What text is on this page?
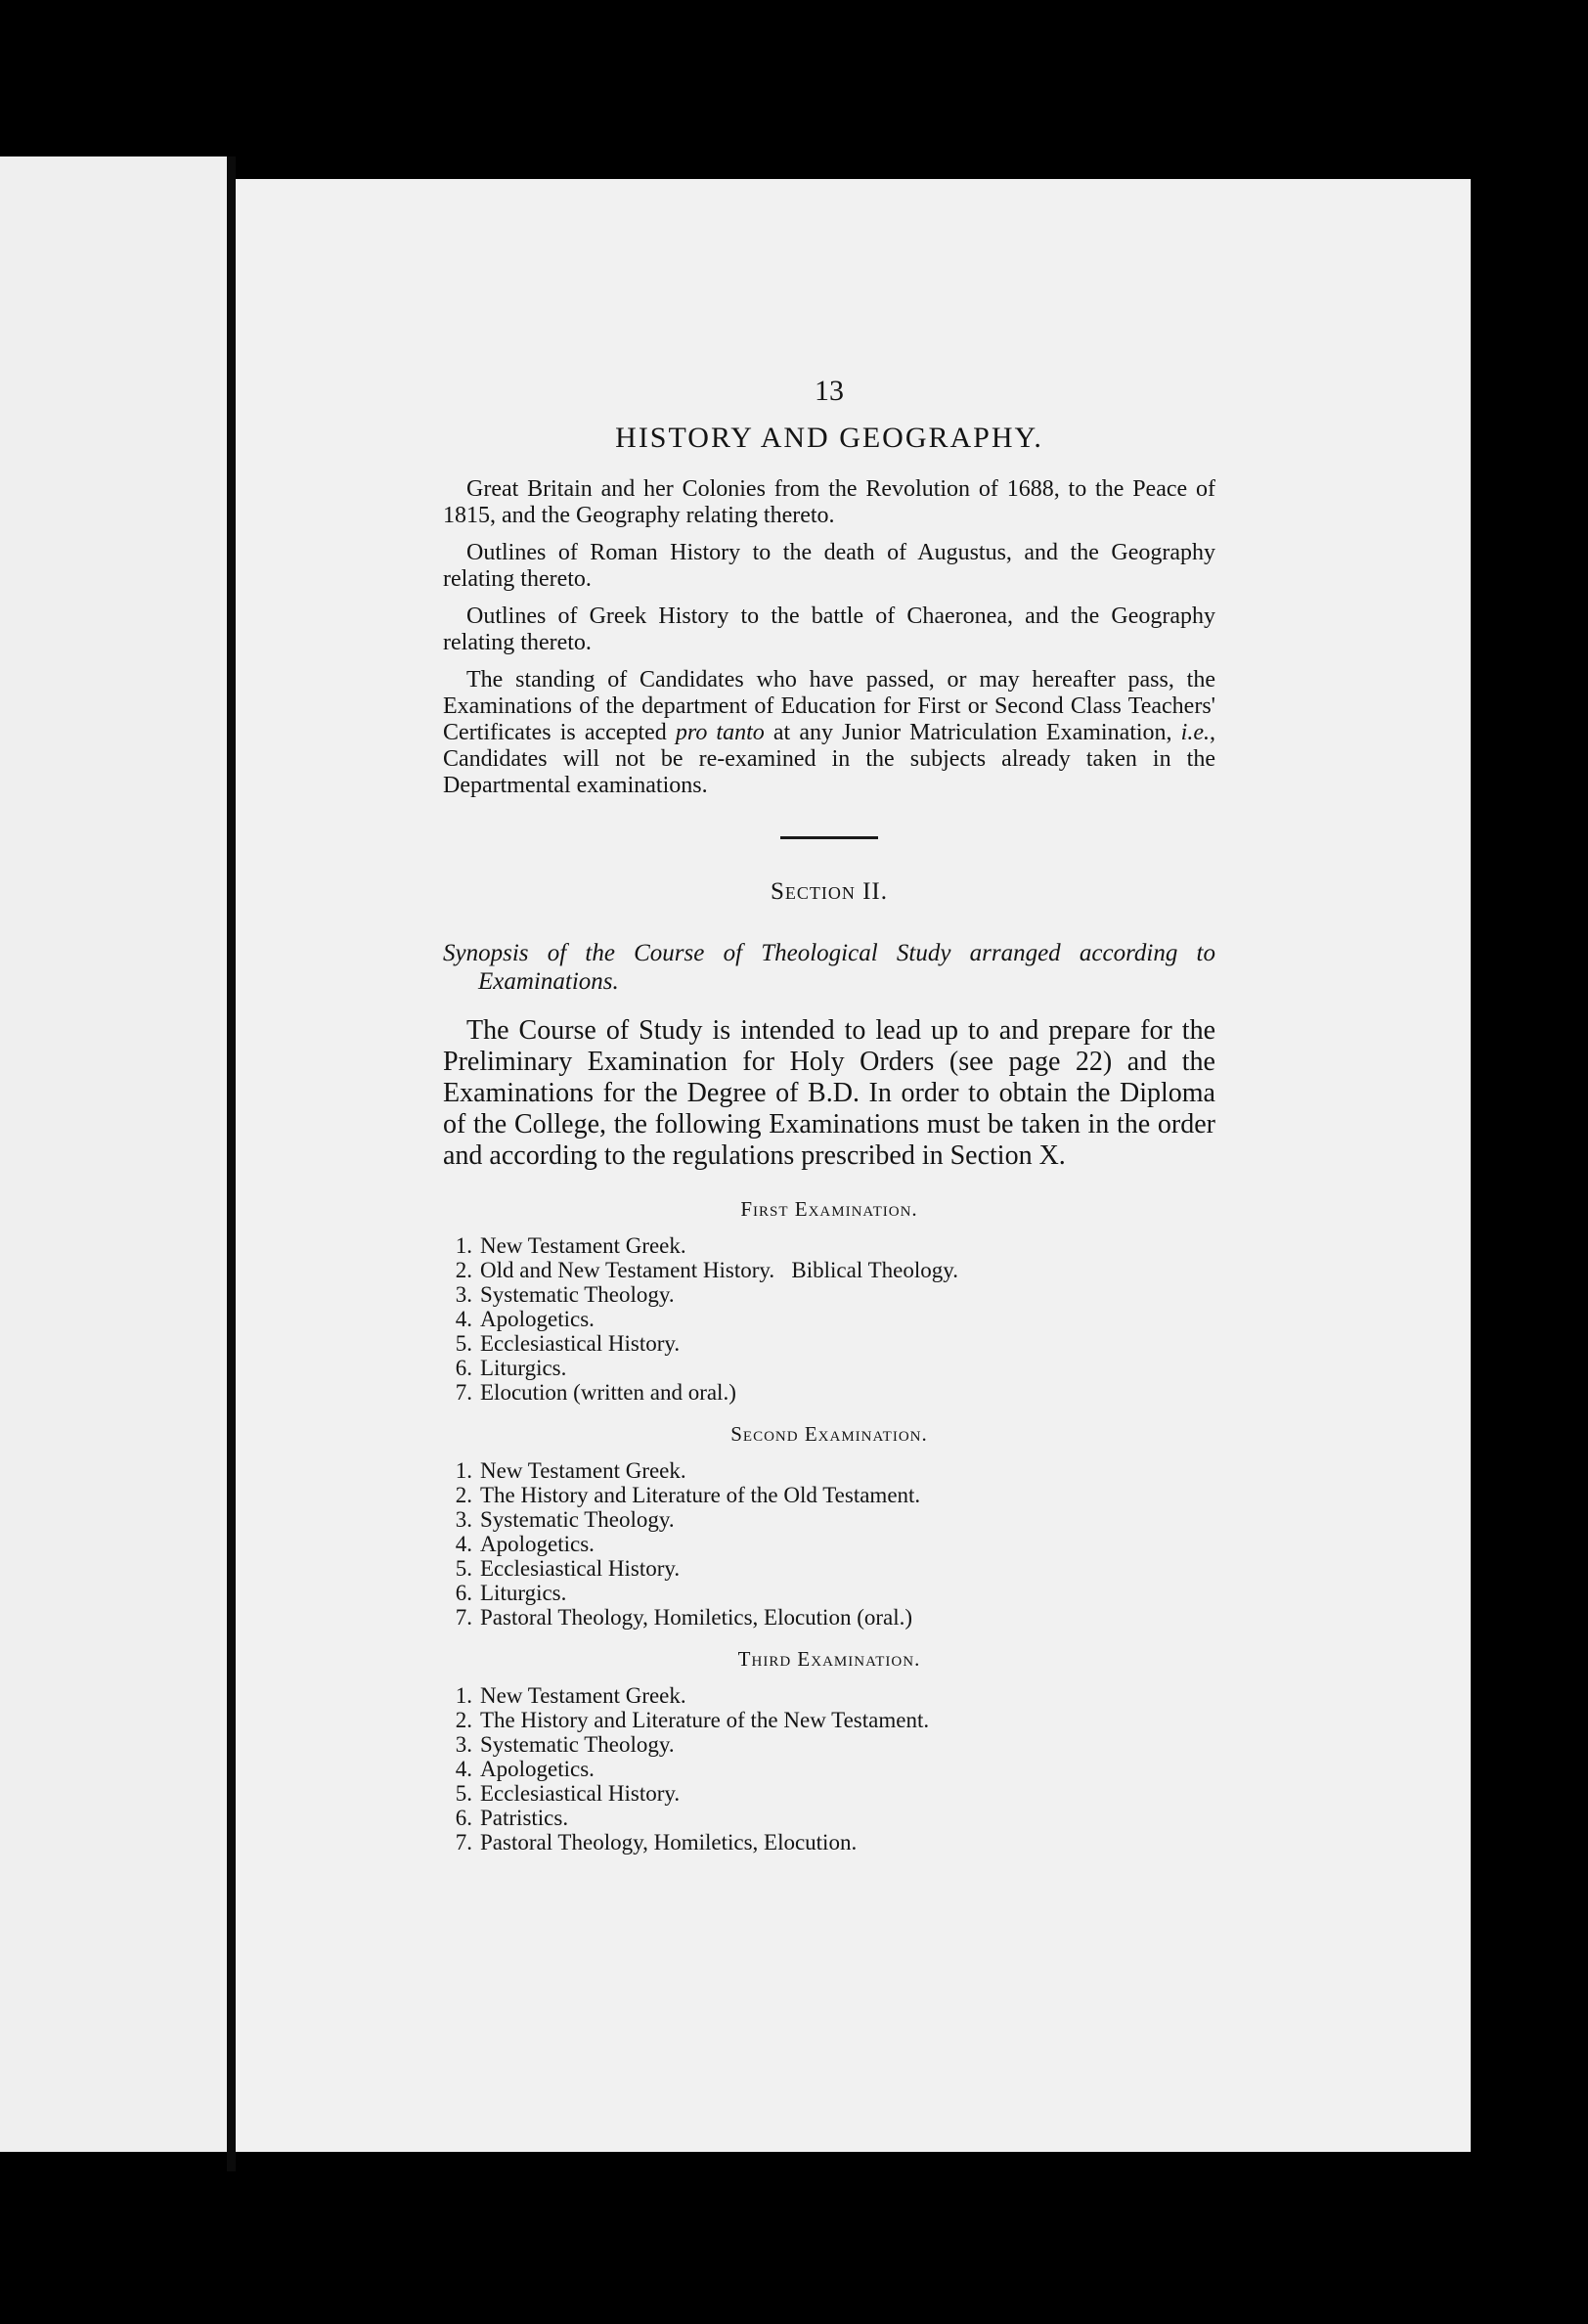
13
HISTORY AND GEOGRAPHY.

Great Britain and her Colonies from the Revolution of 1688, to the Peace of 1815, and the Geography relating thereto.

Outlines of Roman History to the death of Augustus, and the Geography relating thereto.

Outlines of Greek History to the battle of Chaeronea, and the Geography relating thereto.

The standing of Candidates who have passed, or may hereafter pass, the Examinations of the department of Education for First or Second Class Teachers' Certificates is accepted pro tanto at any Junior Matriculation Examination, i.e., Candidates will not be re-examined in the subjects already taken in the Departmental examinations.

Section II.

Synopsis of the Course of Theological Study arranged according to Examinations.

The Course of Study is intended to lead up to and prepare for the Preliminary Examination for Holy Orders (see page 22) and the Examinations for the Degree of B.D. In order to obtain the Diploma of the College, the following Examinations must be taken in the order and according to the regulations prescribed in Section X.

First Examination.
1. New Testament Greek.
2. Old and New Testament History.   Biblical Theology.
3. Systematic Theology.
4. Apologetics.
5. Ecclesiastical History.
6. Liturgics.
7. Elocution (written and oral.)
Second Examination.
1. New Testament Greek.
2. The History and Literature of the Old Testament.
3. Systematic Theology.
4. Apologetics.
5. Ecclesiastical History.
6. Liturgics.
7. Pastoral Theology, Homiletics, Elocution (oral.)
Third Examination.
1. New Testament Greek.
2. The History and Literature of the New Testament.
3. Systematic Theology.
4. Apologetics.
5. Ecclesiastical History.
6. Patristics.
7. Pastoral Theology, Homiletics, Elocution.
